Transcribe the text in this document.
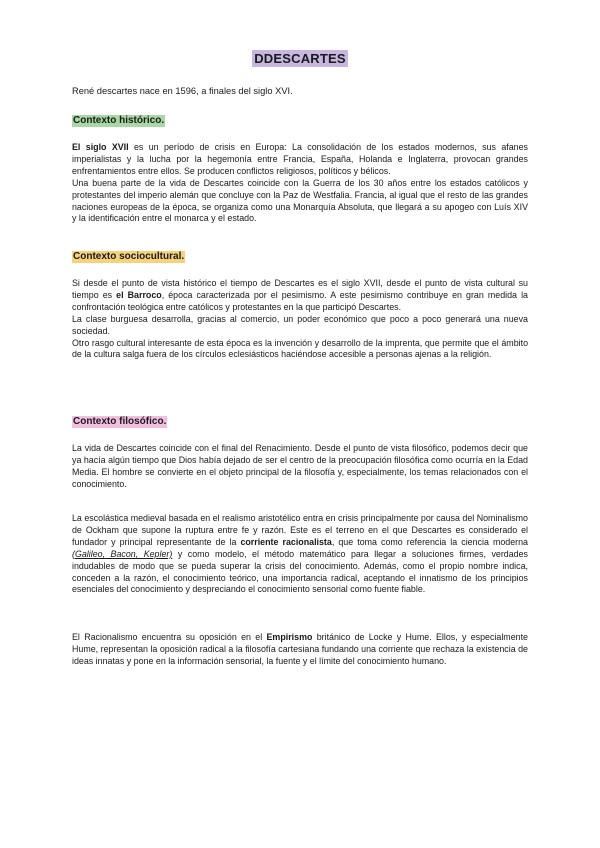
DDESCARTES
René descartes nace en 1596, a finales del siglo XVI.
Contexto histórico.

El siglo XVII es un período de crisis en Europa: La consolidación de los estados modernos, sus afanes imperialistas y la lucha por la hegemonía entre Francia, España, Holanda e Inglaterra, provocan grandes enfrentamientos entre ellos. Se producen conflictos religiosos, políticos y bélicos.

Una buena parte de la vida de Descartes coincide con la Guerra de los 30 años entre los estados católicos y protestantes del imperio alemán que concluye con la Paz de Westfalia. Francia, al igual que el resto de las grandes naciones europeas de la época, se organiza como una Monarquía Absoluta, que llegará a su apogeo con Luís XIV y la identificación entre el monarca y el estado.

Contexto sociocultural.

Si desde el punto de vista histórico el tiempo de Descartes es el siglo XVII, desde el punto de vista cultural su tiempo es el Barroco, época caracterizada por el pesimismo. A este pesimismo contribuye en gran medida la confrontación teológica entre católicos y protestantes en la que participó Descartes.

La clase burguesa desarrolla, gracias al comercio, un poder económico que poco a poco generará una nueva sociedad.

Otro rasgo cultural interesante de esta época es la invención y desarrollo de la imprenta, que permite que el ámbito de la cultura salga fuera de los círculos eclesiásticos haciéndose accesible a personas ajenas a la religión.

Contexto filosófico.

La vida de Descartes coincide con el final del Renacimiento. Desde el punto de vista filosófico, podemos decir que ya hacía algún tiempo que Dios había dejado de ser el centro de la preocupación filosófica como ocurría en la Edad Media. El hombre se convierte en el objeto principal de la filosofía y, especialmente, los temas relacionados con el conocimiento.

La escolástica medieval basada en el realismo aristotélico entra en crisis principalmente por causa del Nominalismo de Ockham que supone la ruptura entre fe y razón. Este es el terreno en el que Descartes es considerado el fundador y principal representante de la corriente racionalista, que toma como referencia la ciencia moderna (Galileo, Bacon, Kepler) y como modelo, el método matemático para llegar a soluciones firmes, verdades indudables de modo que se pueda superar la crisis del conocimiento. Además, como el propio nombre indica, conceden a la razón, el conocimiento teórico, una importancia radical, aceptando el innatismo de los principios esenciales del conocimiento y despreciando el conocimiento sensorial como fuente fiable.

El Racionalismo encuentra su oposición en el Empirismo británico de Locke y Hume. Ellos, y especialmente Hume, representan la oposición radical a la filosofía cartesiana fundando una corriente que rechaza la existencia de ideas innatas y pone en la información sensorial, la fuente y el límite del conocimiento humano.
